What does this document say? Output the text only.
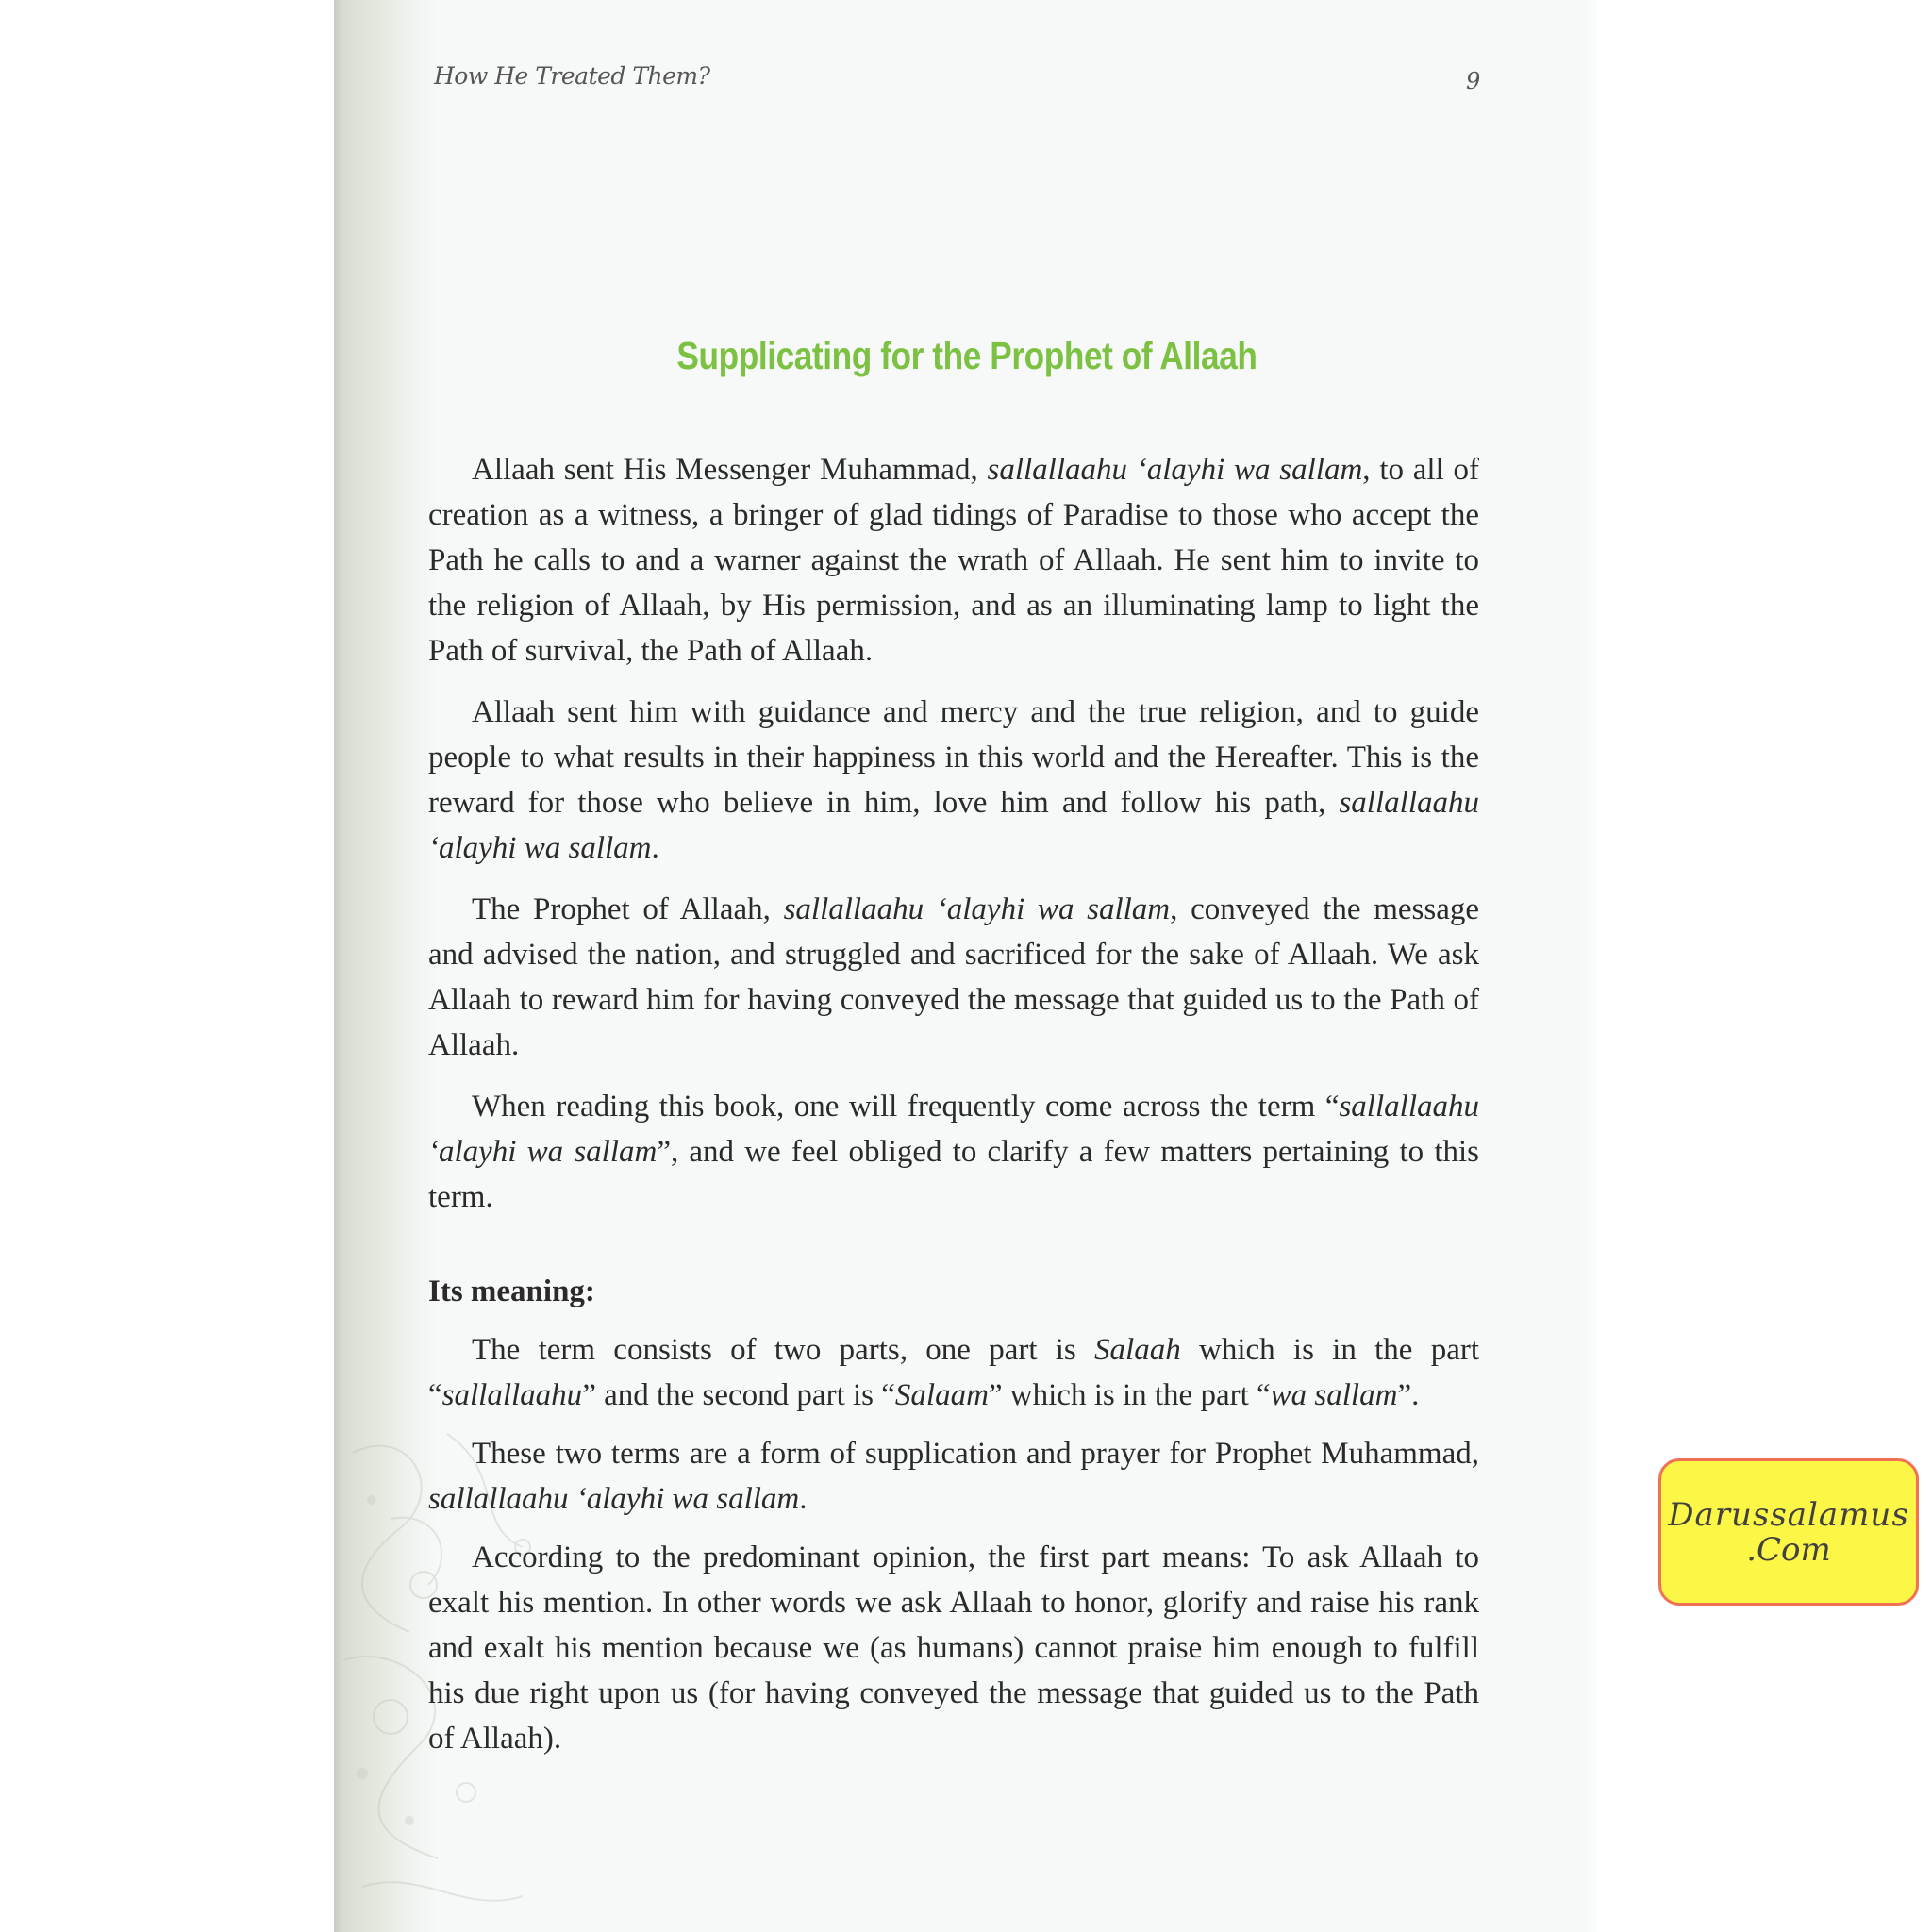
How He Treated Them?	9
Supplicating for the Prophet of Allaah

Allaah sent His Messenger Muhammad, sallallaahu ‘alayhi wa sallam, to all of creation as a witness, a bringer of glad tidings of Paradise to those who accept the Path he calls to and a warner against the wrath of Allaah. He sent him to invite to the religion of Allaah, by His permission, and as an illuminating lamp to light the Path of survival, the Path of Allaah.

Allaah sent him with guidance and mercy and the true religion, and to guide people to what results in their happiness in this world and the Hereafter. This is the reward for those who believe in him, love him and follow his path, sallallaahu ‘alayhi wa sallam.

The Prophet of Allaah, sallallaahu ‘alayhi wa sallam, conveyed the message and advised the nation, and struggled and sacrificed for the sake of Allaah. We ask Allaah to reward him for having conveyed the message that guided us to the Path of Allaah.

When reading this book, one will frequently come across the term “sallallaahu ‘alayhi wa sallam”, and we feel obliged to clarify a few matters pertaining to this term.

Its meaning:

The term consists of two parts, one part is Salaah which is in the part “sallallaahu” and the second part is “Salaam” which is in the part “wa sallam”.

These two terms are a form of supplication and prayer for Prophet Muhammad, sallallaahu ‘alayhi wa sallam.

According to the predominant opinion, the first part means: To ask Allaah to exalt his mention. In other words we ask Allaah to honor, glorify and raise his rank and exalt his mention because we (as humans) cannot praise him enough to fulfill his due right upon us (for having conveyed the message that guided us to the Path of Allaah).

Darussalamus
.Com
